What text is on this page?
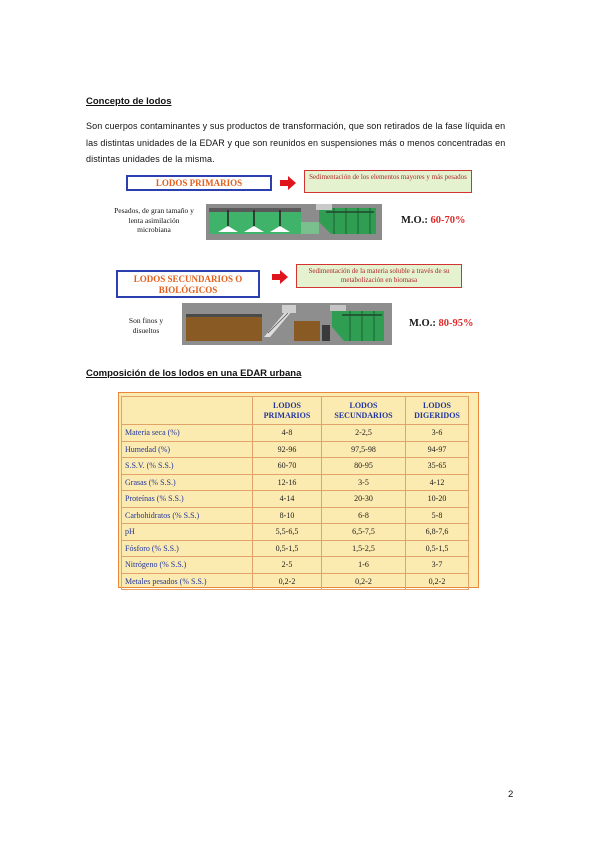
Concepto de lodos
Son cuerpos contaminantes y sus productos de transformación, que son retirados de la fase líquida en las distintas unidades de la EDAR y que son reunidos en suspensiones más o menos concentradas en distintas unidades de la misma.
LODOS PRIMARIOS
Sedimentación de los elementos mayores y más pesados
Pesados, de gran tamaño y lenta asimilación microbiana
M.O.: 60-70%
LODOS SECUNDARIOS O BIOLÓGICOS
Sedimentación de la materia soluble a través de su metabolización en biomasa
Son finos y disueltos
M.O.: 80-95%
Composición de los lodos en una EDAR urbana
	LODOS PRIMARIOS	LODOS SECUNDARIOS	LODOS DIGERIDOS
Materia seca (%)	4-8	2-2,5	3-6
Humedad (%)	92-96	97,5-98	94-97
S.S.V. (% S.S.)	60-70	80-95	35-65
Grasas (% S.S.)	12-16	3-5	4-12
Proteínas (% S.S.)	4-14	20-30	10-20
Carbohidratos (% S.S.)	8-10	6-8	5-8
pH	5,5-6,5	6,5-7,5	6,8-7,6
Fósforo (% S.S.)	0,5-1,5	1,5-2,5	0,5-1,5
Nitrógeno (% S.S.)	2-5	1-6	3-7
Metales pesados (% S.S.)	0,2-2	0,2-2	0,2-2
2
